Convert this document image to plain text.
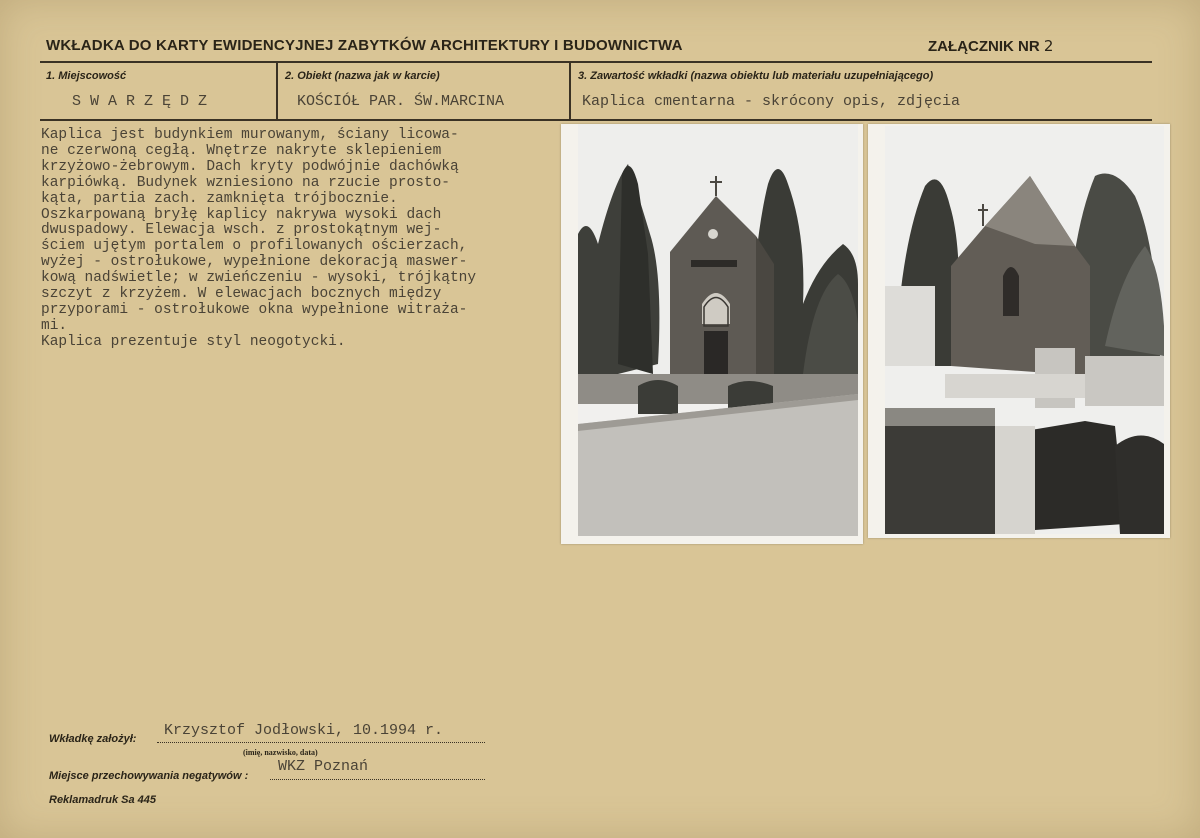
WKŁADKA DO KARTY EWIDENCYJNEJ ZABYTKÓW ARCHITEKTURY I BUDOWNICTWA	ZAŁĄCZNIK NR 2
1. Miejscowość
S W A R Z Ę D Z
2. Obiekt (nazwa jak w karcie)
KOŚCIÓŁ PAR. ŚW.MARCINA
3. Zawartość wkładki (nazwa obiektu lub materiału uzupełniającego)
Kaplica cmentarna - skrócony opis, zdjęcia
Kaplica jest budynkiem murowanym, ściany licowa-
ne czerwoną cegłą. Wnętrze nakryte sklepieniem
krzyżowo-żebrowym. Dach kryty podwójnie dachówką
karpiówką. Budynek wzniesiono na rzucie prosto-
kąta, partia zach. zamknięta trójbocznie.
Oszkarpowaną bryłę kaplicy nakrywa wysoki dach
dwuspadowy. Elewacja wsch. z prostokątnym wej-
ściem ujętym portalem o profilowanych ościerzach,
wyżej - ostrołukowe, wypełnione dekoracją maswer-
kową nadświetle; w zwieńczeniu - wysoki, trójkątny
szczyt z krzyżem. W elewacjach bocznych między
przyporami - ostrołukowe okna wypełnione witraża-
mi.
Kaplica prezentuje styl neogotycki.
Wkładkę założył: Krzysztof Jodłowski, 10.1994 r.
(imię, nazwisko, data)
Miejsce przechowywania negatywów :
WKZ Poznań
Reklamadruk Sa 445
